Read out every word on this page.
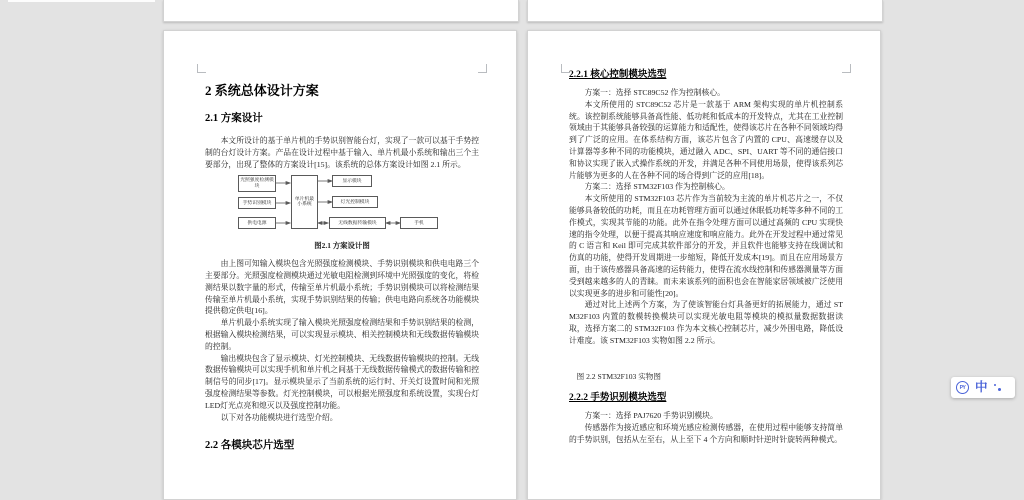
2 系统总体设计方案
2.1 方案设计

本文所设计的基于单片机的手势识别智能台灯，实现了一款可以基于手势控制的台灯设计方案。产品在设计过程中基于输入、单片机最小系统和输出三个主要部分，出现了整体的方案设计[15]。该系统的总体方案设计如图 2.1 所示。

光照强度检测模块
手势识别模块
供电电源
单片机最小系统
显示模块
灯光控制模块
无线数据传输模块	手机

图2.1 方案设计图

由上图可知输入模块包含光照强度检测模块、手势识别模块和供电电路三个主要部分。光照强度检测模块通过光敏电阻检测到环境中光照强度的变化，将检测结果以数字量的形式，传输至单片机最小系统；手势识别模块可以将检测结果传输至单片机最小系统，实现手势识别结果的传输；供电电路向系统各功能模块提供稳定供电[16]。

单片机最小系统实现了输入模块光照强度检测结果和手势识别结果的检测，根据输入模块检测结果，可以实现显示模块、相关控制模块和无线数据传输模块的控制。

输出模块包含了显示模块、灯光控制模块、无线数据传输模块的控制。无线数据传输模块可以实现手机和单片机之间基于无线数据传输模式的数据传输和控制信号的同步[17]。显示模块显示了当前系统的运行时、开关灯设置时间和光照强度检测结果等参数。灯光控制模块，可以根据光照强度和系统设置，实现台灯LED灯光点亮和熄灭以及强度控制功能。

以下对各功能模块进行选型介绍。

2.2 各模块芯片选型
2.2.1 核心控制模块选型

方案一：选择 STC89C52 作为控制核心。

本文所使用的 STC89C52 芯片是一款基于 ARM 架构实现的单片机控制系统。该控制系统能够具备高性能、低功耗和低成本的开发特点，尤其在工业控制领域由于其能够具备较强的运算能力和适配性，使得该芯片在各种不同领域均得到了广泛的应用。在体系结构方面，该芯片包含了内置的 CPU、高速缓存以及计算器等多种不同的功能模块，通过融入 ADC、SPI、UART 等不同的通信接口和协议实现了嵌入式操作系统的开发，并满足各种不同使用场景，使得该系列芯片能够为更多的人在各种不同的场合得到广泛的应用[18]。

方案二：选择 STM32F103 作为控制核心。

本文所使用的 STM32F103 芯片作为当前较为主流的单片机芯片之一，不仅能够具备较低的功耗，而且在功耗管理方面可以通过休眠低功耗等多种不同的工作模式，实现其节能的功能。此外在指令处理方面可以通过高频的 CPU 实现快速的指令处理，以便于提高其响应速度和响应能力。此外在开发过程中通过常见的 C 语言和 Keil 即可完成其软件部分的开发，并且软件也能够支持在线调试和仿真的功能，使得开发周期进一步缩短，降低开发成本[19]。而且在应用场景方面，由于该传感器具备高速的运转能力，使得在流水线控制和传感器测量等方面受到越来越多的人的青睐。而未来该系列的面积也会在智能家居领域被广泛使用以实现更多的进步和可能性[20]。

通过对比上述两个方案，为了使该智能台灯具备更好的拓展能力，通过 STM32F103 内置的数模转换模块可以实现光敏电阻等模块的模拟量数据数据读取，选择方案二的 STM32F103 作为本文核心控制芯片，减少外围电路，降低设计难度。该 STM32F103 实物如图 2.2 所示。

图 2.2 STM32F103 实物图

2.2.2 手势识别模块选型

方案一：选择 PAJ7620 手势识别模块。

传感器作为接近感应和环境光感应检测传感器，在使用过程中能够支持简单的手势识别，包括从左至右，从上至下 4 个方向和顺时针逆时针旋转两种模式。

PY 中
